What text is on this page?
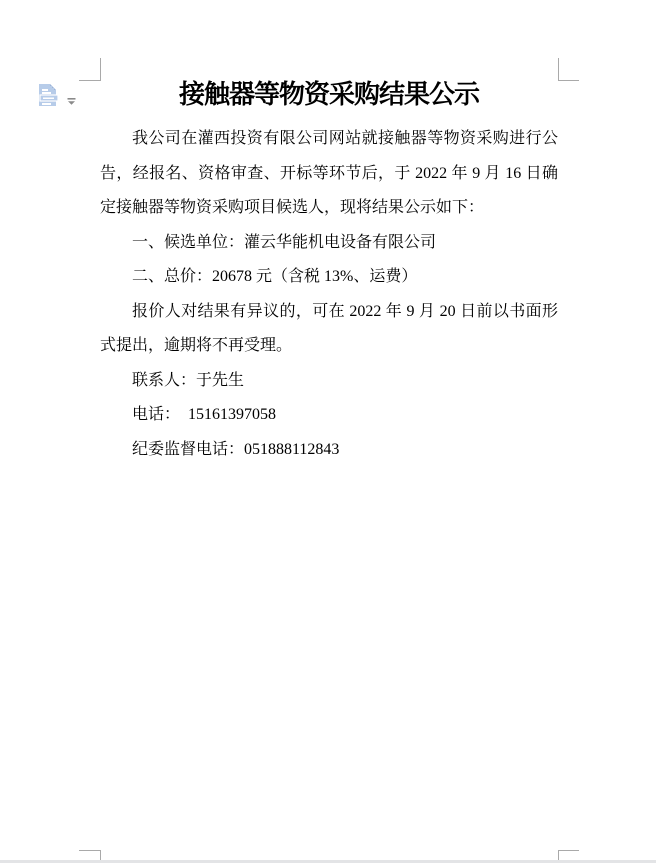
接触器等物资采购结果公示

我公司在灌西投资有限公司网站就接触器等物资采购进行公告，经报名、资格审查、开标等环节后，于 2022 年 9 月 16 日确定接触器等物资采购项目候选人，现将结果公示如下：

一、候选单位：灌云华能机电设备有限公司

二、总价：20678 元（含税 13%、运费）

报价人对结果有异议的，可在 2022 年 9 月 20 日前以书面形式提出，逾期将不再受理。

联系人：于先生

电话：  15161397058

纪委监督电话：051888112843
